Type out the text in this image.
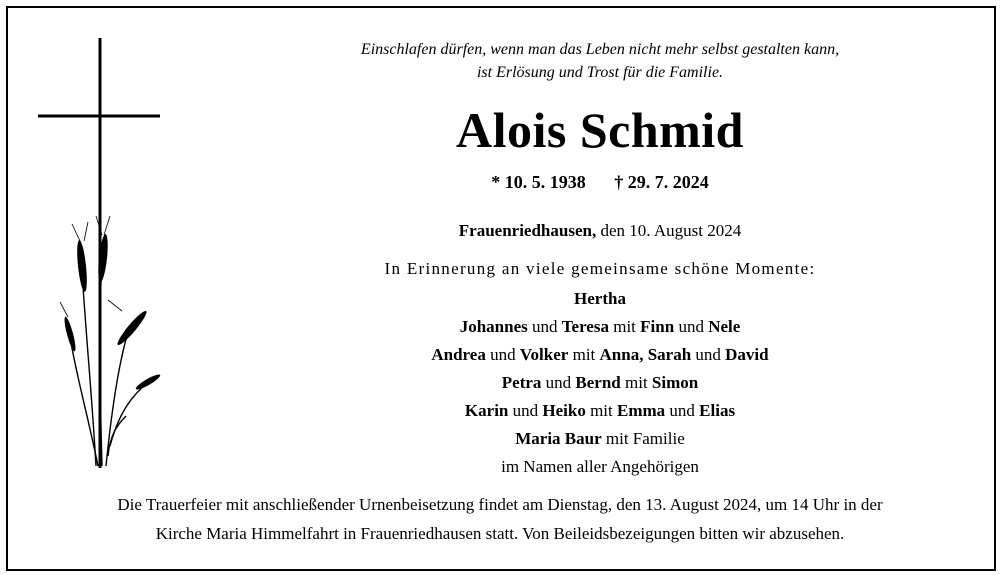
Einschlafen dürfen, wenn man das Leben nicht mehr selbst gestalten kann,
ist Erlösung und Trost für die Familie.
Alois Schmid
* 10. 5. 1938 † 29. 7. 2024
Frauenriedhausen, den 10. August 2024
In Erinnerung an viele gemeinsame schöne Momente:
Hertha
Johannes und Teresa mit Finn und Nele
Andrea und Volker mit Anna, Sarah und David
Petra und Bernd mit Simon
Karin und Heiko mit Emma und Elias
Maria Baur mit Familie
im Namen aller Angehörigen
Die Trauerfeier mit anschließender Urnenbeisetzung findet am Dienstag, den 13. August 2024, um 14 Uhr in der
Kirche Maria Himmelfahrt in Frauenriedhausen statt. Von Beileidsbezeigungen bitten wir abzusehen.
